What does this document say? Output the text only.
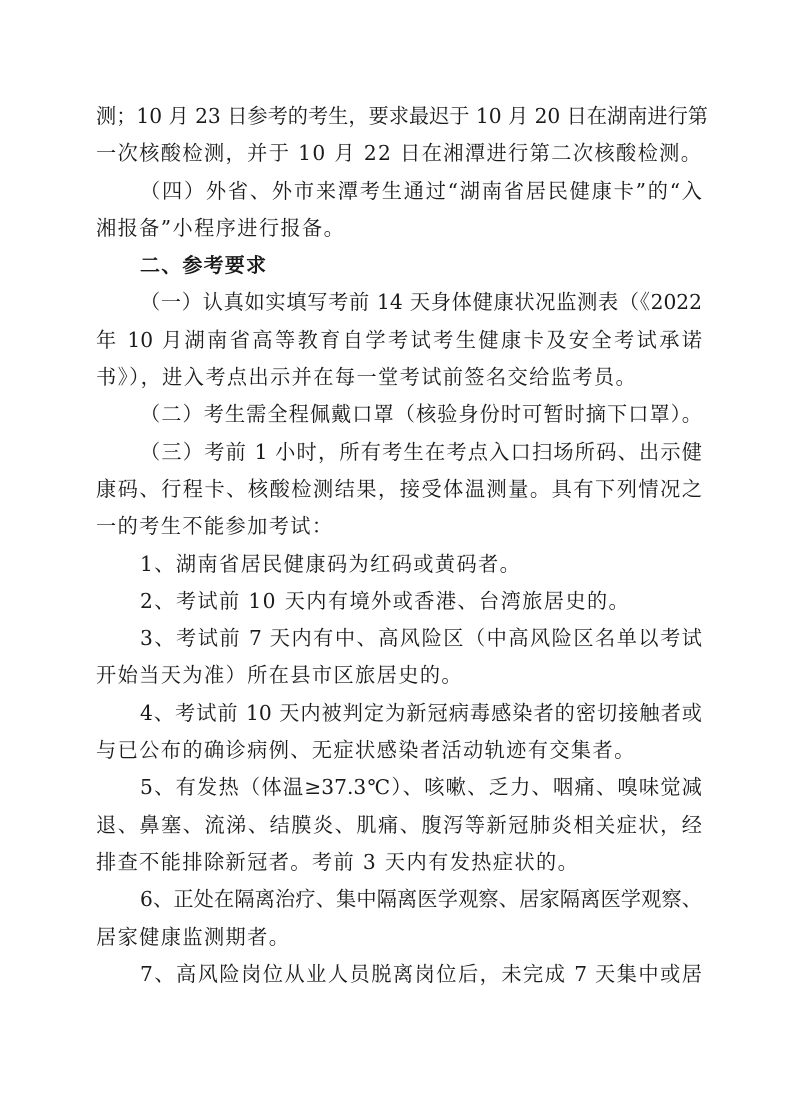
测；10 月 23 日参考的考生，要求最迟于 10 月 20 日在湖南进行第
一次核酸检测，并于 10 月 22 日在湘潭进行第二次核酸检测。
（四）外省、外市来潭考生通过“湖南省居民健康卡”的“入
湘报备”小程序进行报备。
二、参考要求
（一）认真如实填写考前 14 天身体健康状况监测表（《2022
年 10 月湖南省高等教育自学考试考生健康卡及安全考试承诺
书》），进入考点出示并在每一堂考试前签名交给监考员。
（二）考生需全程佩戴口罩（核验身份时可暂时摘下口罩）。
（三）考前 1 小时，所有考生在考点入口扫场所码、出示健
康码、行程卡、核酸检测结果，接受体温测量。具有下列情况之
一的考生不能参加考试：
1、湖南省居民健康码为红码或黄码者。
2、考试前 10 天内有境外或香港、台湾旅居史的。
3、考试前 7 天内有中、高风险区（中高风险区名单以考试
开始当天为准）所在县市区旅居史的。
4、考试前 10 天内被判定为新冠病毒感染者的密切接触者或
与已公布的确诊病例、无症状感染者活动轨迹有交集者。
5、有发热（体温≥37.3℃）、咳嗽、乏力、咽痛、嗅味觉减
退、鼻塞、流涕、结膜炎、肌痛、腹泻等新冠肺炎相关症状，经
排查不能排除新冠者。考前 3 天内有发热症状的。
6、正处在隔离治疗、集中隔离医学观察、居家隔离医学观察、
居家健康监测期者。
7、高风险岗位从业人员脱离岗位后，未完成 7 天集中或居
